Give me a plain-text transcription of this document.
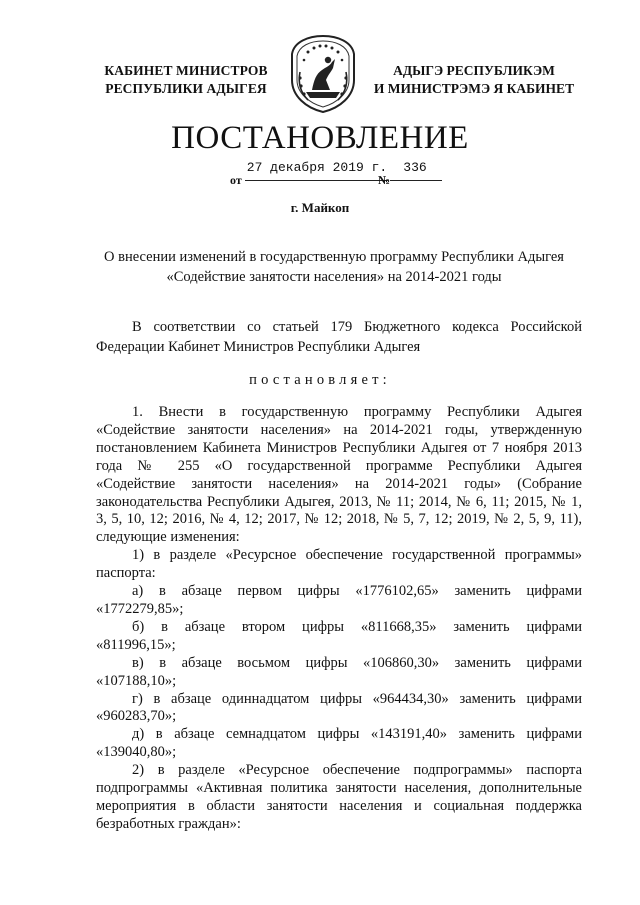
КАБИНЕТ МИНИСТРОВ
РЕСПУБЛИКИ АДЫГЕЯ
АДЫГЭ РЕСПУБЛИКЭМ
И МИНИСТРЭМЭ Я КАБИНЕТ
ПОСТАНОВЛЕНИЕ
от
27 декабря 2019 г.
№
336
г. Майкоп
О внесении изменений в государственную программу Республики Адыгея
«Содействие занятости населения» на 2014-2021 годы
В соответствии со статьей 179 Бюджетного кодекса Российской
Федерации Кабинет Министров Республики Адыгея
постановляет:
1. Внести в государственную программу Республики Адыгея
«Содействие занятости населения» на 2014-2021 годы, утвержденную
постановлением Кабинета Министров Республики Адыгея от 7 ноября 2013
года № 255 «О государственной программе Республики Адыгея
«Содействие занятости населения» на 2014-2021 годы» (Собрание
законодательства Республики Адыгея, 2013, № 11; 2014, № 6, 11; 2015, № 1,
3, 5, 10, 12; 2016, № 4, 12; 2017, № 12; 2018, № 5, 7, 12; 2019, № 2, 5, 9, 11),
следующие изменения:
1) в разделе «Ресурсное обеспечение государственной программы»
паспорта:
а) в абзаце первом цифры «1776102,65» заменить цифрами
«1772279,85»;
б) в абзаце втором цифры «811668,35» заменить цифрами
«811996,15»;
в) в абзаце восьмом цифры «106860,30» заменить цифрами
«107188,10»;
г) в абзаце одиннадцатом цифры «964434,30» заменить цифрами
«960283,70»;
д) в абзаце семнадцатом цифры «143191,40» заменить цифрами
«139040,80»;
2) в разделе «Ресурсное обеспечение подпрограммы» паспорта
подпрограммы «Активная политика занятости населения, дополнительные
мероприятия в области занятости населения и социальная поддержка
безработных граждан»:
